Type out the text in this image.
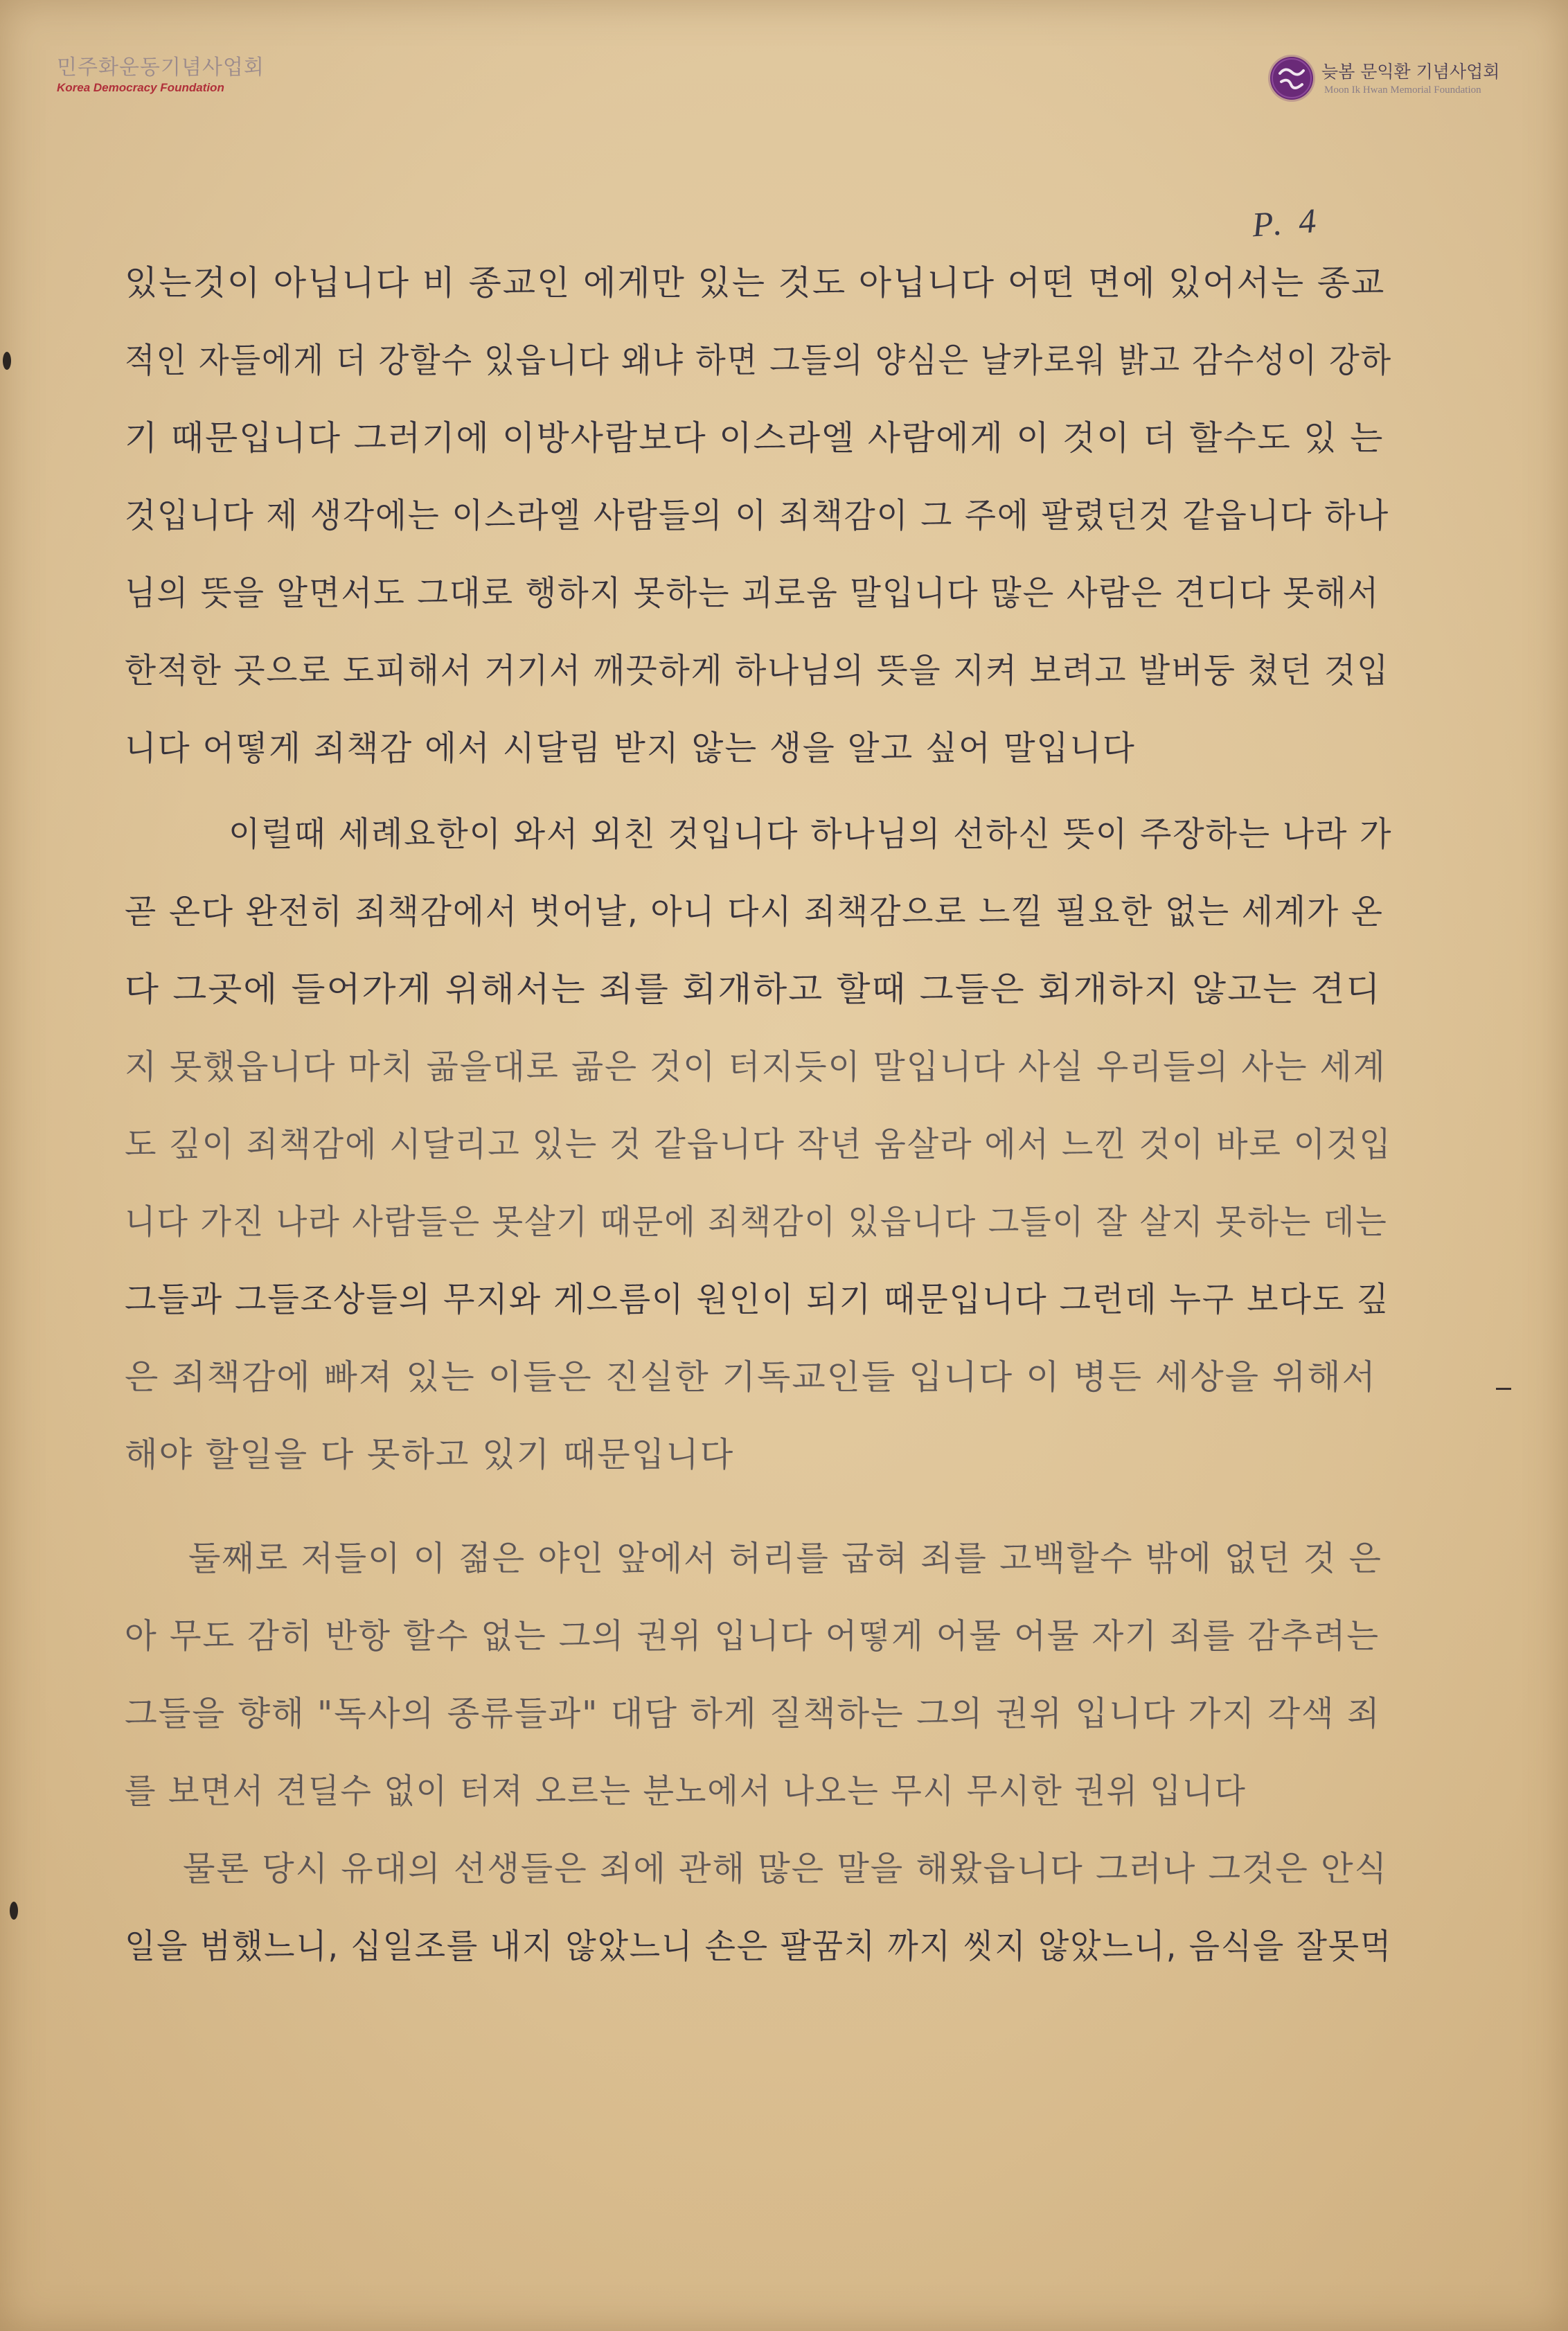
민주화운동기념사업회
Korea Democracy Foundation
늦봄 문익환 기념사업회
Moon Ik Hwan Memorial Foundation
P. 4
있는것이 아닙니다 비 종교인 에게만 있는 것도 아닙니다 어떤 면에 있어서는 종교
적인 자들에게 더 강할수 있읍니다 왜냐 하면 그들의 양심은 날카로워 밝고 감수성이 강하
기 때문입니다 그러기에 이방사람보다 이스라엘 사람에게 이 것이 더 할수도 있 는
것입니다 제 생각에는 이스라엘 사람들의 이 죄책감이 그 주에 팔렸던것 같읍니다 하나
님의 뜻을 알면서도 그대로 행하지 못하는 괴로움 말입니다 많은 사람은 견디다 못해서
한적한 곳으로 도피해서 거기서 깨끗하게 하나님의 뜻을 지켜 보려고 발버둥 쳤던 것입
니다 어떻게 죄책감 에서 시달림 받지 않는 생을 알고 싶어 말입니다
이럴때 세례요한이 와서 외친 것입니다 하나님의 선하신 뜻이 주장하는 나라 가
곧 온다 완전히 죄책감에서 벗어날, 아니 다시 죄책감으로 느낄 필요한 없는 세계가 온
다 그곳에 들어가게 위해서는 죄를 회개하고 할때 그들은 회개하지 않고는 견디
지 못했읍니다 마치 곪을대로 곪은 것이 터지듯이 말입니다 사실 우리들의 사는 세계
도 깊이 죄책감에 시달리고 있는 것 같읍니다 작년 움살라 에서 느낀 것이 바로 이것입
니다 가진 나라 사람들은 못살기 때문에 죄책감이 있읍니다 그들이 잘 살지 못하는 데는
그들과 그들조상들의 무지와 게으름이 원인이 되기 때문입니다 그런데 누구 보다도 깊
은 죄책감에 빠져 있는 이들은 진실한 기독교인들 입니다 이 병든 세상을 위해서
해야 할일을 다 못하고 있기 때문입니다
둘째로 저들이 이 젊은 야인 앞에서 허리를 굽혀 죄를 고백할수 밖에 없던 것 은
아 무도 감히 반항 할수 없는 그의 권위 입니다 어떻게 어물 어물 자기 죄를 감추려는
그들을 향해 "독사의 종류들과" 대담 하게 질책하는 그의 권위 입니다 가지 각색 죄
를 보면서 견딜수 없이 터져 오르는 분노에서 나오는 무시 무시한 권위 입니다
물론 당시 유대의 선생들은 죄에 관해 많은 말을 해왔읍니다 그러나 그것은 안식
일을 범했느니, 십일조를 내지 않았느니 손은 팔꿈치 까지 씻지 않았느니, 음식을 잘못먹
